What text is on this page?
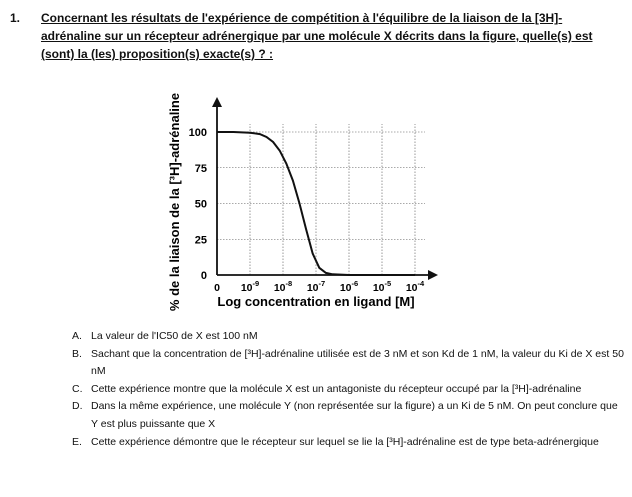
1. Concernant les résultats de l'expérience de compétition à l'équilibre de la liaison de la [3H]-adrénaline sur un récepteur adrénergique par une molécule X décrits dans la figure, quelle(s) est (sont) la (les) proposition(s) exacte(s) ? :
0
25
50
75
100
0 $10^{-9}$ $10^{-8}$ $10^{-7}$ $10^{-6}$ $10^{-5}$ $10^{-4}$
Log concentration en ligand [M]
% de la liaison de la [³H]-adrénaline
A. La valeur de l'IC50 de X est 100 nM
B. Sachant que la concentration de [³H]-adrénaline utilisée est de 3 nM et son Kd de 1 nM, la valeur du Ki de X est 50 nM
C. Cette expérience montre que la molécule X est un antagoniste du récepteur occupé par la [³H]-adrénaline
D. Dans la même expérience, une molécule Y (non représentée sur la figure) a un Ki de 5 nM. On peut conclure que Y est plus puissante que X
E. Cette expérience démontre que le récepteur sur lequel se lie la [³H]-adrénaline est de type beta-adrénergique
